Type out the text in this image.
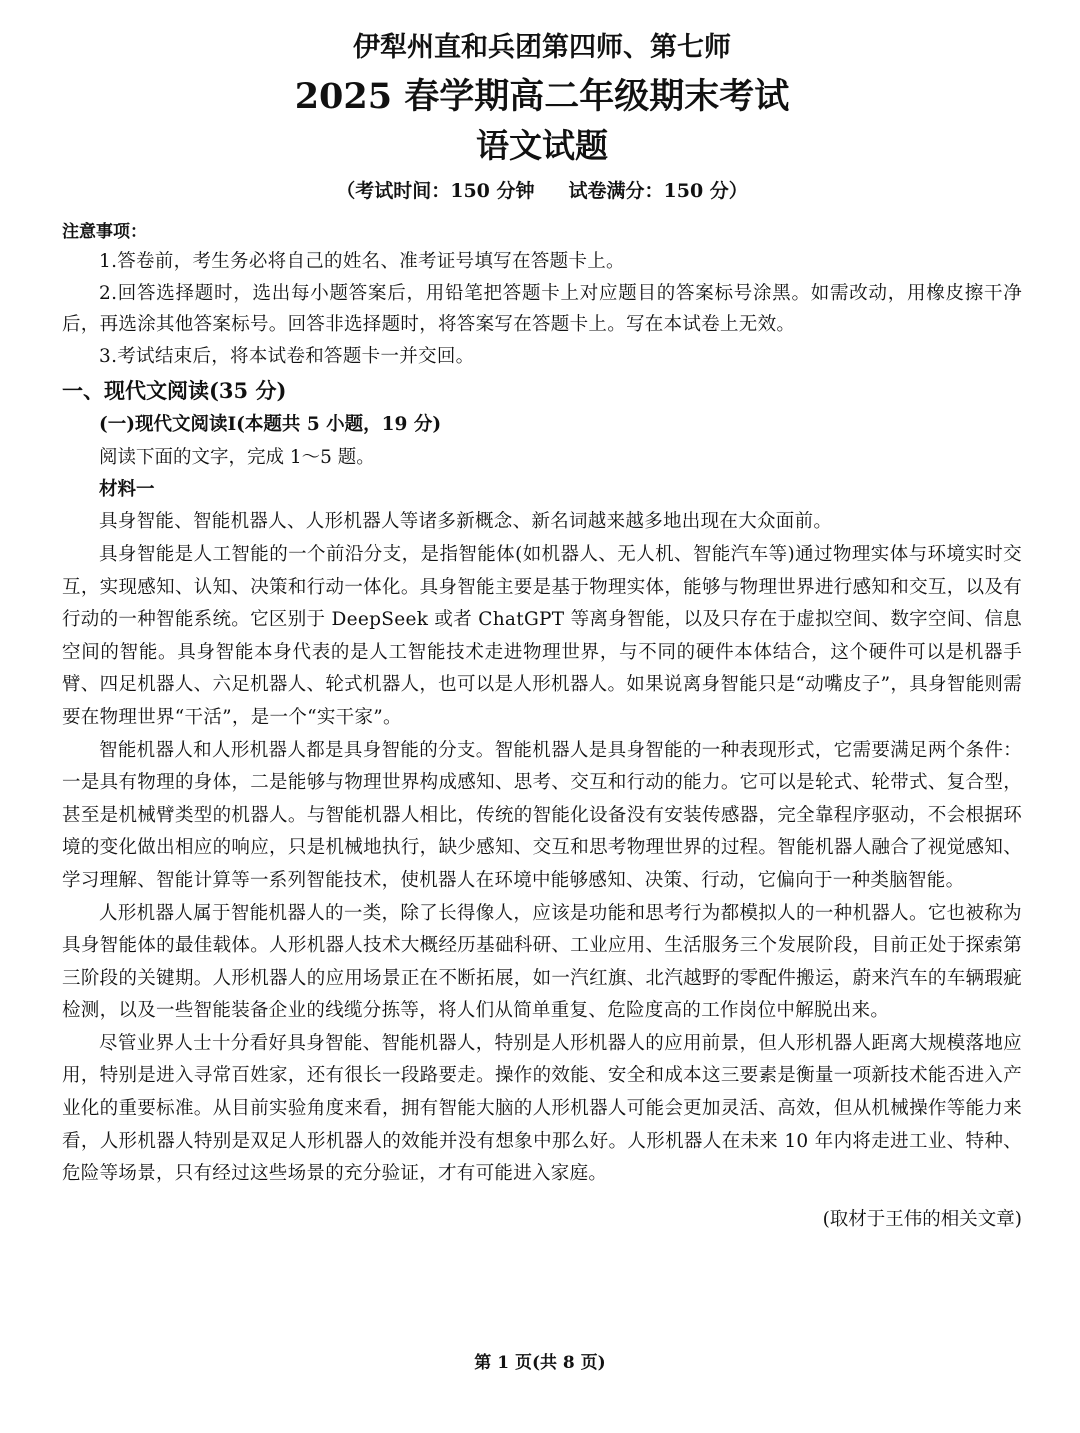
伊犁州直和兵团第四师、第七师
2025 春学期高二年级期末考试
语文试题
（考试时间：150 分钟 试卷满分：150 分）
注意事项：

1.答卷前，考生务必将自己的姓名、准考证号填写在答题卡上。

2.回答选择题时，选出每小题答案后，用铅笔把答题卡上对应题目的答案标号涂黑。如需改动，用橡皮擦干净后，再选涂其他答案标号。回答非选择题时，将答案写在答题卡上。写在本试卷上无效。

3.考试结束后，将本试卷和答题卡一并交回。

一、现代文阅读(35 分)
(一)现代文阅读Ⅰ(本题共 5 小题，19 分)
阅读下面的文字，完成 1～5 题。
材料一

具身智能、智能机器人、人形机器人等诸多新概念、新名词越来越多地出现在大众面前。

具身智能是人工智能的一个前沿分支，是指智能体(如机器人、无人机、智能汽车等)通过物理实体与环境实时交互，实现感知、认知、决策和行动一体化。具身智能主要是基于物理实体，能够与物理世界进行感知和交互，以及有行动的一种智能系统。它区别于 DeepSeek 或者 ChatGPT 等离身智能，以及只存在于虚拟空间、数字空间、信息空间的智能。具身智能本身代表的是人工智能技术走进物理世界，与不同的硬件本体结合，这个硬件可以是机器手臂、四足机器人、六足机器人、轮式机器人，也可以是人形机器人。如果说离身智能只是“动嘴皮子”，具身智能则需要在物理世界“干活”，是一个“实干家”。

智能机器人和人形机器人都是具身智能的分支。智能机器人是具身智能的一种表现形式，它需要满足两个条件：一是具有物理的身体，二是能够与物理世界构成感知、思考、交互和行动的能力。它可以是轮式、轮带式、复合型，甚至是机械臂类型的机器人。与智能机器人相比，传统的智能化设备没有安装传感器，完全靠程序驱动，不会根据环境的变化做出相应的响应，只是机械地执行，缺少感知、交互和思考物理世界的过程。智能机器人融合了视觉感知、学习理解、智能计算等一系列智能技术，使机器人在环境中能够感知、决策、行动，它偏向于一种类脑智能。

人形机器人属于智能机器人的一类，除了长得像人，应该是功能和思考行为都模拟人的一种机器人。它也被称为具身智能体的最佳载体。人形机器人技术大概经历基础科研、工业应用、生活服务三个发展阶段，目前正处于探索第三阶段的关键期。人形机器人的应用场景正在不断拓展，如一汽红旗、北汽越野的零配件搬运，蔚来汽车的车辆瑕疵检测，以及一些智能装备企业的线缆分拣等，将人们从简单重复、危险度高的工作岗位中解脱出来。

尽管业界人士十分看好具身智能、智能机器人，特别是人形机器人的应用前景，但人形机器人距离大规模落地应用，特别是进入寻常百姓家，还有很长一段路要走。操作的效能、安全和成本这三要素是衡量一项新技术能否进入产业化的重要标准。从目前实验角度来看，拥有智能大脑的人形机器人可能会更加灵活、高效，但从机械操作等能力来看，人形机器人特别是双足人形机器人的效能并没有想象中那么好。人形机器人在未来 10 年内将走进工业、特种、危险等场景，只有经过这些场景的充分验证，才有可能进入家庭。

(取材于王伟的相关文章)
第 1 页(共 8 页)
